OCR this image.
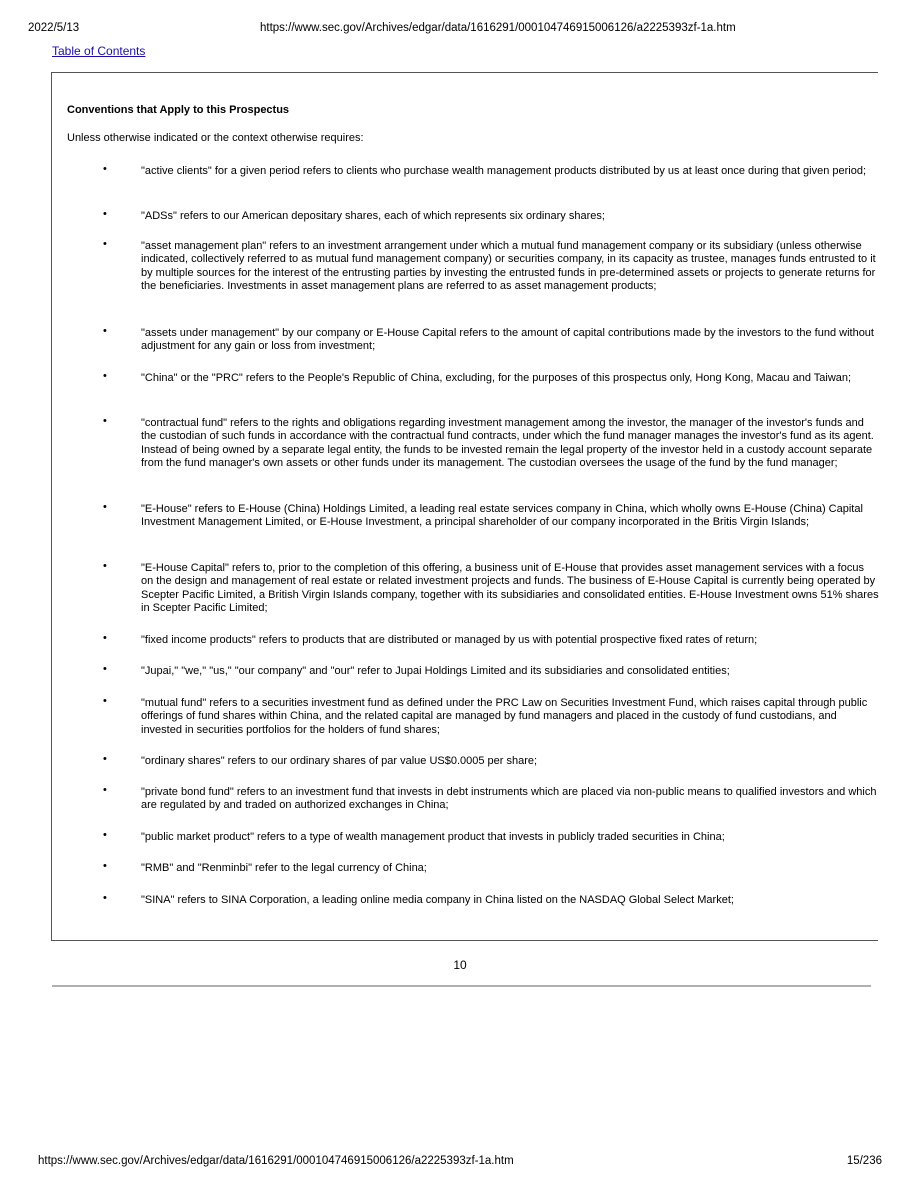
2022/5/13	https://www.sec.gov/Archives/edgar/data/1616291/000104746915006126/a2225393zf-1a.htm
Table of Contents
Conventions that Apply to this Prospectus
Unless otherwise indicated or the context otherwise requires:
•	"active clients" for a given period refers to clients who purchase wealth management products distributed by us at least once during that given period;
•	"ADSs" refers to our American depositary shares, each of which represents six ordinary shares;
•	"asset management plan" refers to an investment arrangement under which a mutual fund management company or its subsidiary (unless otherwise indicated, collectively referred to as mutual fund management company) or securities company, in its capacity as trustee, manages funds entrusted to it by multiple sources for the interest of the entrusting parties by investing the entrusted funds in pre-determined assets or projects to generate returns for the beneficiaries. Investments in asset management plans are referred to as asset management products;
•	"assets under management" by our company or E-House Capital refers to the amount of capital contributions made by the investors to the fund without adjustment for any gain or loss from investment;
•	"China" or the "PRC" refers to the People's Republic of China, excluding, for the purposes of this prospectus only, Hong Kong, Macau and Taiwan;
•	"contractual fund" refers to the rights and obligations regarding investment management among the investor, the manager of the investor's funds and the custodian of such funds in accordance with the contractual fund contracts, under which the fund manager manages the investor's fund as its agent. Instead of being owned by a separate legal entity, the funds to be invested remain the legal property of the investor held in a custody account separate from the fund manager's own assets or other funds under its management. The custodian oversees the usage of the fund by the fund manager;
•	"E-House" refers to E-House (China) Holdings Limited, a leading real estate services company in China, which wholly owns E-House (China) Capital Investment Management Limited, or E-House Investment, a principal shareholder of our company incorporated in the Britis Virgin Islands;
•	"E-House Capital" refers to, prior to the completion of this offering, a business unit of E-House that provides asset management services with a focus on the design and management of real estate or related investment projects and funds. The business of E-House Capital is currently being operated by Scepter Pacific Limited, a British Virgin Islands company, together with its subsidiaries and consolidated entities. E-House Investment owns 51% shares in Scepter Pacific Limited;
•	"fixed income products" refers to products that are distributed or managed by us with potential prospective fixed rates of return;
•	"Jupai," "we," "us," "our company" and "our" refer to Jupai Holdings Limited and its subsidiaries and consolidated entities;
•	"mutual fund" refers to a securities investment fund as defined under the PRC Law on Securities Investment Fund, which raises capital through public offerings of fund shares within China, and the related capital are managed by fund managers and placed in the custody of fund custodians, and invested in securities portfolios for the holders of fund shares;
•	"ordinary shares" refers to our ordinary shares of par value US$0.0005 per share;
•	"private bond fund" refers to an investment fund that invests in debt instruments which are placed via non-public means to qualified investors and which are regulated by and traded on authorized exchanges in China;
•	"public market product" refers to a type of wealth management product that invests in publicly traded securities in China;
•	"RMB" and "Renminbi" refer to the legal currency of China;
•	"SINA" refers to SINA Corporation, a leading online media company in China listed on the NASDAQ Global Select Market;
10
https://www.sec.gov/Archives/edgar/data/1616291/000104746915006126/a2225393zf-1a.htm	15/236
